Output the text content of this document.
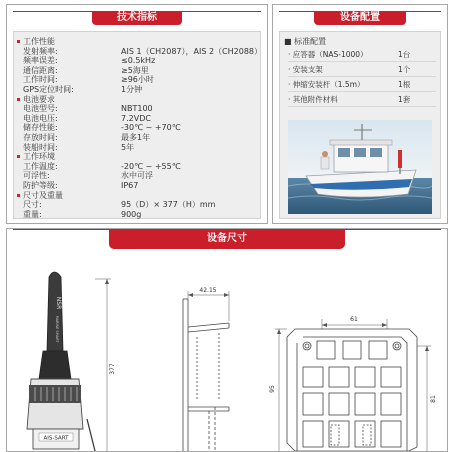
技术指标
工作性能
发射频率:	AIS 1（CH2087），AIS 2（CH2088）
频率误差:	≤0.5kHz
通信距离:	≥5海里
工作时间:	≥96小时
GPS定位时间:	1分钟
电池要求
电池型号:	NBT100
电池电压:	7.2VDC
储存性能:	-30℃ ~ +70℃
存放时间:	最多1年
装船时间:	5年
工作环境
工作温度:	-20℃ ~ +55℃
可浮性:	水中可浮
防护等级:	IP67
尺寸及重量
尺寸:	95（D）× 377（H）mm
重量:	900g
设备配置
■ 标准配置
· 应答器（NAS-1000）	1台
· 安装支架	1个
· 伸缩安装杆（1.5m）	1根
· 其他附件材料	1套
设备尺寸
NSR
MARINE SMART
AIS-SART
377
42.15
61
95
81
